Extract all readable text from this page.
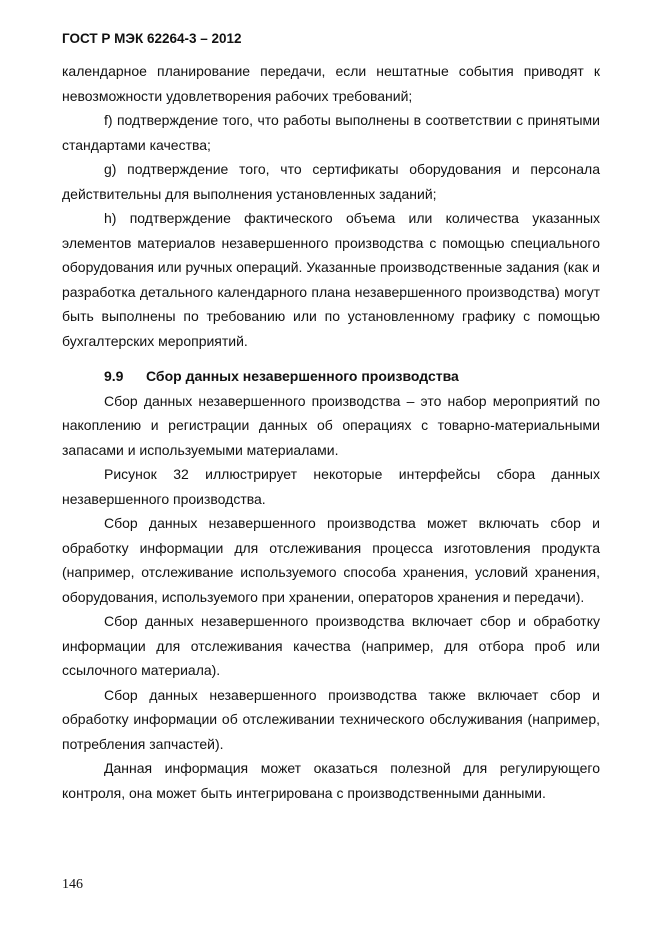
ГОСТ Р МЭК 62264-3 – 2012

календарное планирование передачи, если нештатные события приводят к невозможности удовлетворения рабочих требований;

f) подтверждение того, что работы выполнены в соответствии с принятыми стандартами качества;

g) подтверждение того, что сертификаты оборудования и персонала действительны для выполнения установленных заданий;

h) подтверждение фактического объема или количества указанных элементов материалов незавершенного производства с помощью специального оборудования или ручных операций. Указанные производственные задания (как и разработка детального календарного плана незавершенного производства) могут быть выполнены по требованию или по установленному графику с помощью бухгалтерских мероприятий.

9.9 Сбор данных незавершенного производства

Сбор данных незавершенного производства – это набор мероприятий по накоплению и регистрации данных об операциях с товарно-материальными запасами и используемыми материалами.

Рисунок 32 иллюстрирует некоторые интерфейсы сбора данных незавершенного производства.

Сбор данных незавершенного производства может включать сбор и обработку информации для отслеживания процесса изготовления продукта (например, отслеживание используемого способа хранения, условий хранения, оборудования, используемого при хранении, операторов хранения и передачи).

Сбор данных незавершенного производства включает сбор и обработку информации для отслеживания качества (например, для отбора проб или ссылочного материала).

Сбор данных незавершенного производства также включает сбор и обработку информации об отслеживании технического обслуживания (например, потребления запчастей).

Данная информация может оказаться полезной для регулирующего контроля, она может быть интегрирована с производственными данными.

146
